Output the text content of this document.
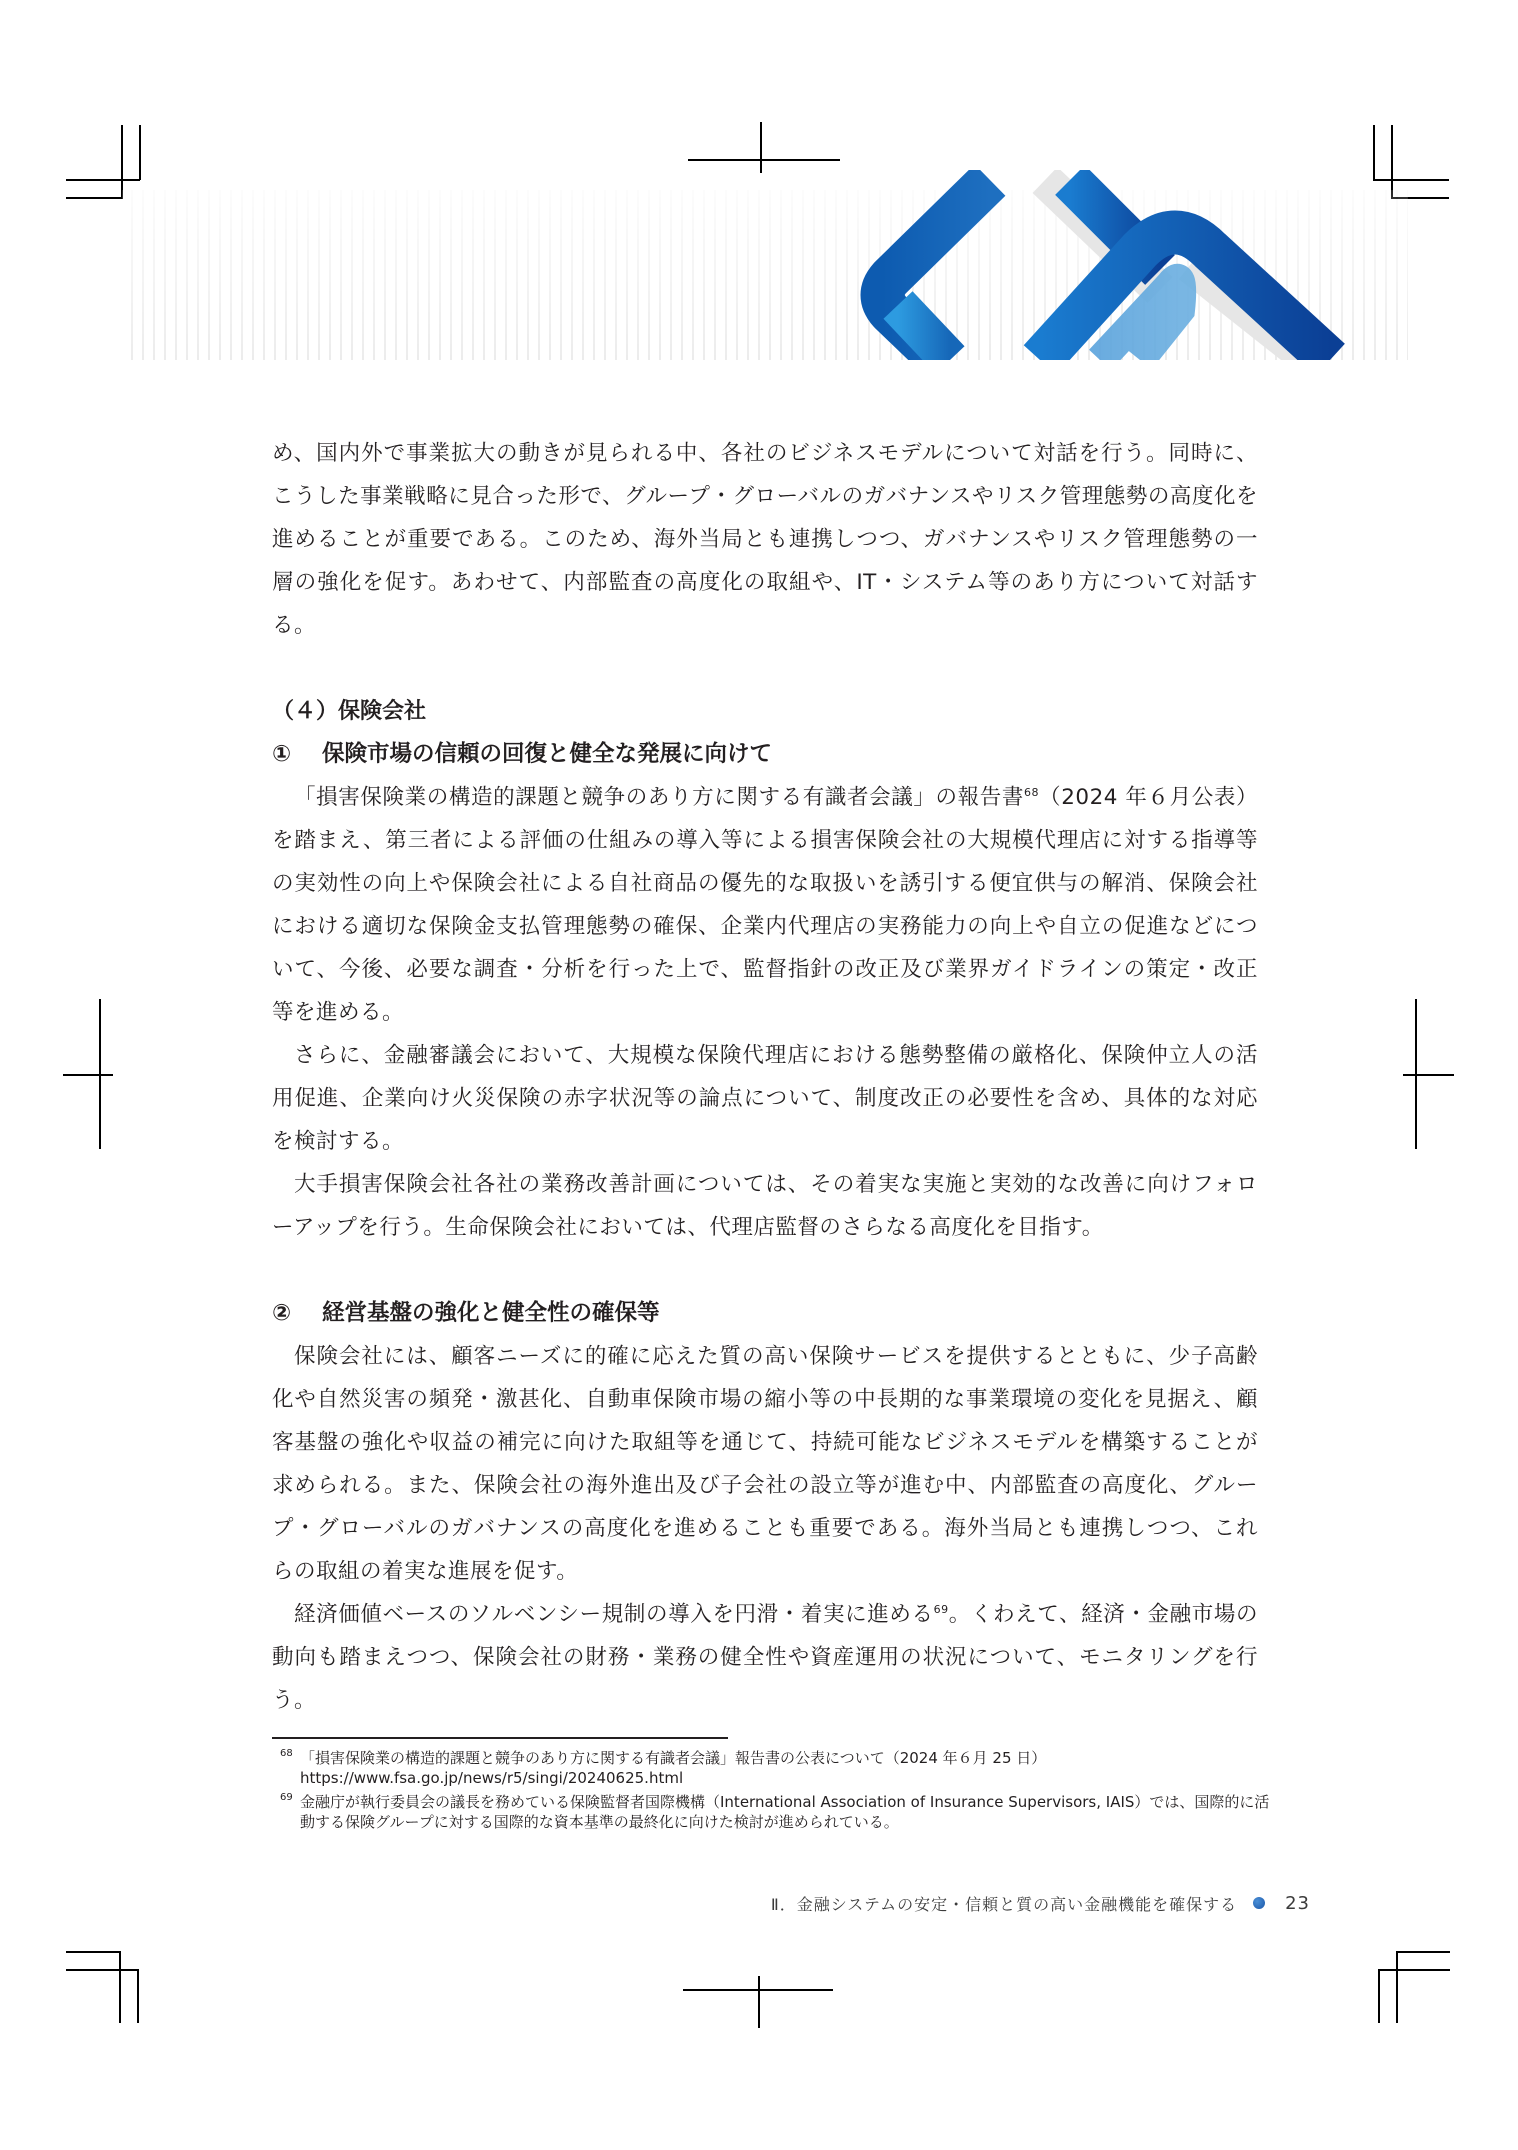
め、国内外で事業拡大の動きが見られる中、各社のビジネスモデルについて対話を行う。同時に、こうした事業戦略に見合った形で、グループ・グローバルのガバナンスやリスク管理態勢の高度化を進めることが重要である。このため、海外当局とも連携しつつ、ガバナンスやリスク管理態勢の一層の強化を促す。あわせて、内部監査の高度化の取組や、IT・システム等のあり方について対話する。

（４）保険会社
① 保険市場の信頼の回復と健全な発展に向けて

「損害保険業の構造的課題と競争のあり方に関する有識者会議」の報告書$^{68}$（2024 年６月公表）を踏まえ、第三者による評価の仕組みの導入等による損害保険会社の大規模代理店に対する指導等の実効性の向上や保険会社による自社商品の優先的な取扱いを誘引する便宜供与の解消、保険会社における適切な保険金支払管理態勢の確保、企業内代理店の実務能力の向上や自立の促進などについて、今後、必要な調査・分析を行った上で、監督指針の改正及び業界ガイドラインの策定・改正等を進める。

さらに、金融審議会において、大規模な保険代理店における態勢整備の厳格化、保険仲立人の活用促進、企業向け火災保険の赤字状況等の論点について、制度改正の必要性を含め、具体的な対応を検討する。

大手損害保険会社各社の業務改善計画については、その着実な実施と実効的な改善に向けフォローアップを行う。生命保険会社においては、代理店監督のさらなる高度化を目指す。

② 経営基盤の強化と健全性の確保等

保険会社には、顧客ニーズに的確に応えた質の高い保険サービスを提供するとともに、少子高齢化や自然災害の頻発・激甚化、自動車保険市場の縮小等の中長期的な事業環境の変化を見据え、顧客基盤の強化や収益の補完に向けた取組等を通じて、持続可能なビジネスモデルを構築することが求められる。また、保険会社の海外進出及び子会社の設立等が進む中、内部監査の高度化、グループ・グローバルのガバナンスの高度化を進めることも重要である。海外当局とも連携しつつ、これらの取組の着実な進展を促す。

経済価値ベースのソルベンシー規制の導入を円滑・着実に進める$^{69}$。くわえて、経済・金融市場の動向も踏まえつつ、保険会社の財務・業務の健全性や資産運用の状況について、モニタリングを行う。

68 「損害保険業の構造的課題と競争のあり方に関する有識者会議」報告書の公表について（2024 年６月 25 日）
https://www.fsa.go.jp/news/r5/singi/20240625.html
69 金融庁が執行委員会の議長を務めている保険監督者国際機構（International Association of Insurance Supervisors, IAIS）では、国際的に活動する保険グループに対する国際的な資本基準の最終化に向けた検討が進められている。
Ⅱ．金融システムの安定・信頼と質の高い金融機能を確保する	23
